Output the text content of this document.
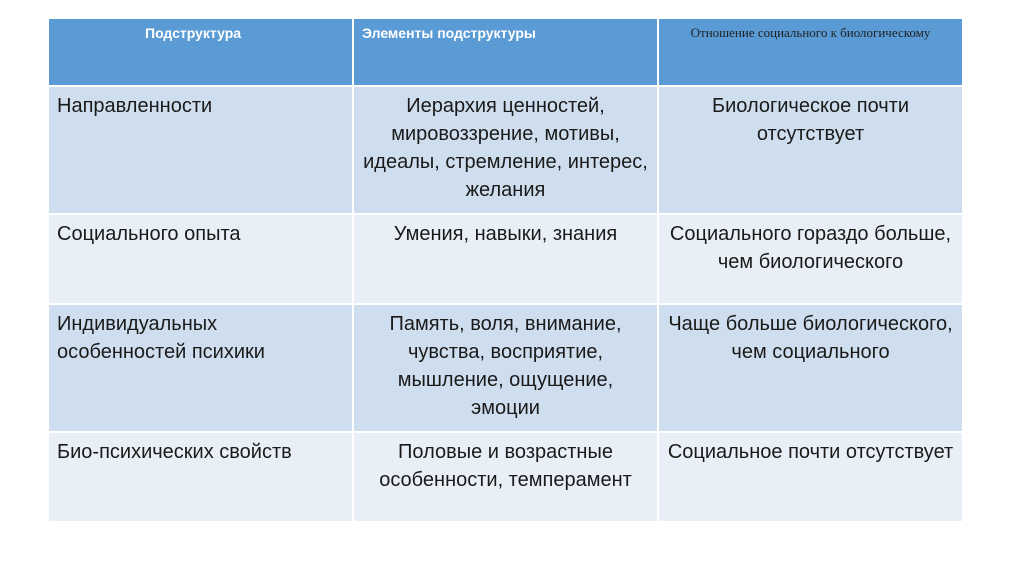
Подструктура	Элементы подструктуры	Отношение социального к биологическому
Направленности	Иерархия ценностей, мировоззрение, мотивы, идеалы, стремление, интерес, желания	Биологическое почти отсутствует
Социального опыта	Умения, навыки, знания	Социального гораздо больше, чем биологического
Индивидуальных особенностей психики	Память, воля, внимание, чувства, восприятие, мышление, ощущение, эмоции	Чаще больше биологического, чем социального
Био-психических свойств	Половые и возрастные особенности, темперамент	Социальное почти отсутствует
